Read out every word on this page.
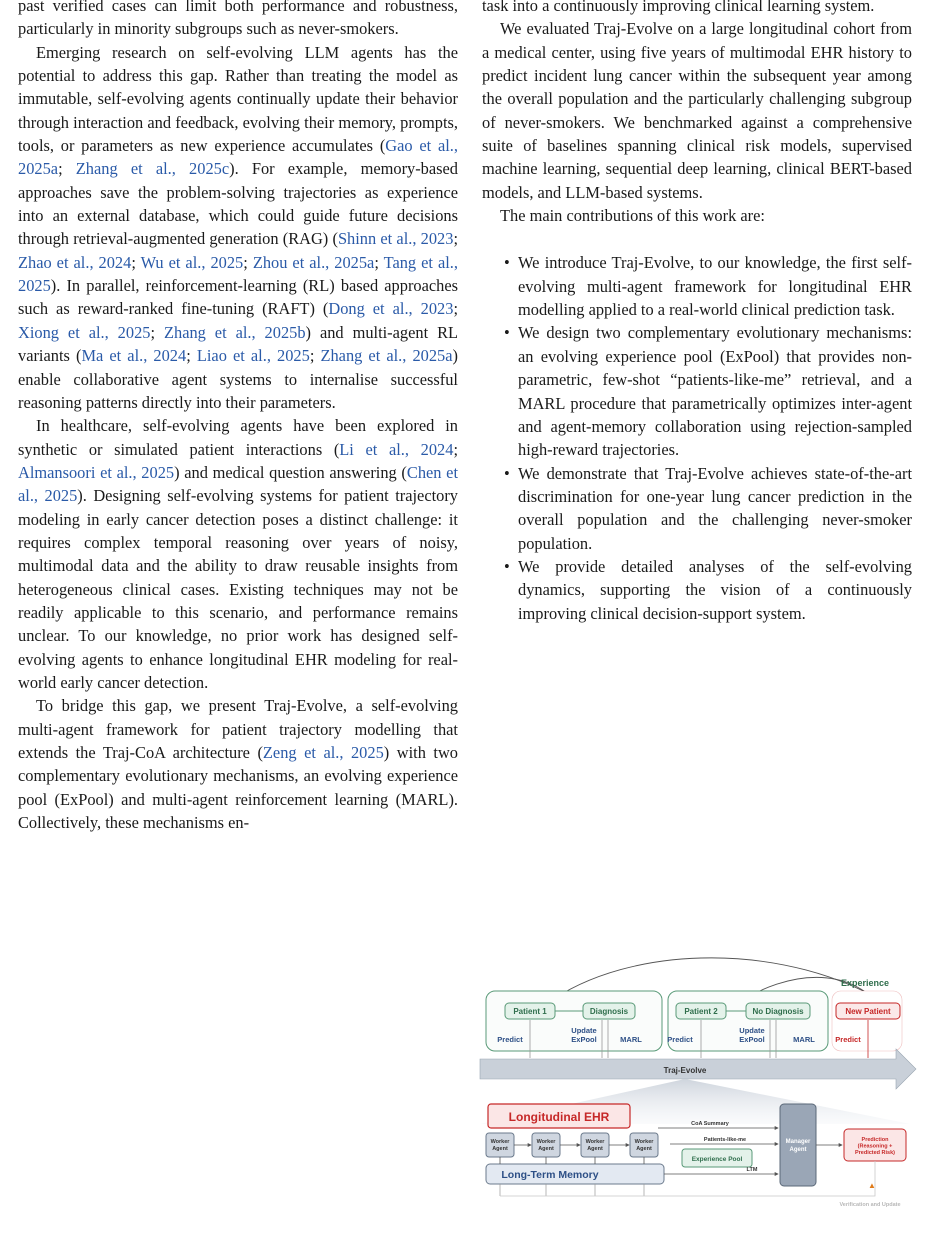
past verified cases can limit both performance and robustness, particularly in minority subgroups such as never-smokers.

Emerging research on self-evolving LLM agents has the potential to address this gap. Rather than treating the model as immutable, self-evolving agents continually update their behavior through interaction and feedback, evolving their memory, prompts, tools, or parameters as new experience accumulates (Gao et al., 2025a; Zhang et al., 2025c). For example, memory-based approaches save the problem-solving trajectories as experience into an external database, which could guide future decisions through retrieval-augmented generation (RAG) (Shinn et al., 2023; Zhao et al., 2024; Wu et al., 2025; Zhou et al., 2025a; Tang et al., 2025). In parallel, reinforcement-learning (RL) based approaches such as reward-ranked fine-tuning (RAFT) (Dong et al., 2023; Xiong et al., 2025; Zhang et al., 2025b) and multi-agent RL variants (Ma et al., 2024; Liao et al., 2025; Zhang et al., 2025a) enable collaborative agent systems to internalise successful reasoning patterns directly into their parameters.

In healthcare, self-evolving agents have been explored in synthetic or simulated patient interactions (Li et al., 2024; Almansoori et al., 2025) and medical question answering (Chen et al., 2025). Designing self-evolving systems for patient trajectory modeling in early cancer detection poses a distinct challenge: it requires complex temporal reasoning over years of noisy, multimodal data and the ability to draw reusable insights from heterogeneous clinical cases. Existing techniques may not be readily applicable to this scenario, and performance remains unclear. To our knowledge, no prior work has designed self-evolving agents to enhance longitudinal EHR modeling for real-world early cancer detection.

To bridge this gap, we present Traj-Evolve, a self-evolving multi-agent framework for patient trajectory modelling that extends the Traj-CoA architecture (Zeng et al., 2025) with two complementary evolutionary mechanisms, an evolving experience pool (ExPool) and multi-agent reinforcement learning (MARL). Collectively, these mechanisms en-

task into a continuously improving clinical learning system.

We evaluated Traj-Evolve on a large longitudinal cohort from a medical center, using five years of multimodal EHR history to predict incident lung cancer within the subsequent year among the overall population and the particularly challenging subgroup of never-smokers. We benchmarked against a comprehensive suite of baselines spanning clinical risk models, supervised machine learning, sequential deep learning, clinical BERT-based models, and LLM-based systems.

The main contributions of this work are:

• We introduce Traj-Evolve, to our knowledge, the first self-evolving multi-agent framework for longitudinal EHR modelling applied to a real-world clinical prediction task.
• We design two complementary evolutionary mechanisms: an evolving experience pool (ExPool) that provides non-parametric, few-shot “patients-like-me” retrieval, and a MARL procedure that parametrically optimizes inter-agent and agent-memory collaboration using rejection-sampled high-reward trajectories.
• We demonstrate that Traj-Evolve achieves state-of-the-art discrimination for one-year lung cancer prediction in the overall population and the challenging never-smoker population.
• We provide detailed analyses of the self-evolving dynamics, supporting the vision of a continuously improving clinical decision-support system.
Experience
Patient 1	Diagnosis
Predict
Update ExPool	MARL
Patient 2	No Diagnosis
Predict
Update ExPool	MARL
New Patient
Predict
Traj-Evolve
Longitudinal EHR
Worker Agent
Worker Agent
Worker Agent
Worker Agent
Long-Term Memory
CoA Summary
Patients-like-me
Experience Pool
LTM
Manager Agent
Prediction (Reasoning + Predicted Risk)
▲
Verification and Update
